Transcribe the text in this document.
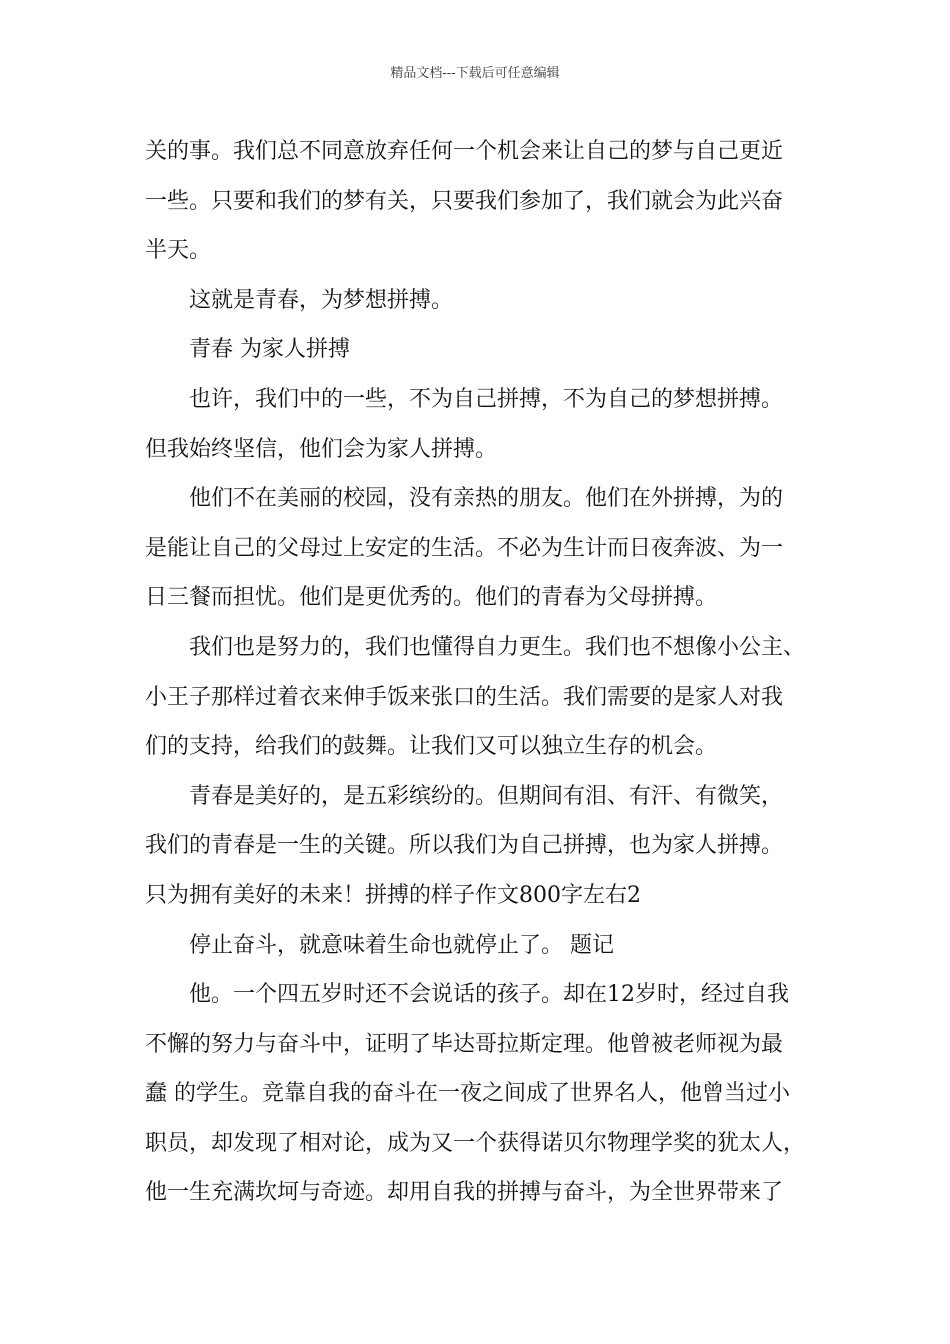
精品文档---下载后可任意编辑
关的事。我们总不同意放弃任何一个机会来让自己的梦与自己更近
一些。只要和我们的梦有关，只要我们参加了，我们就会为此兴奋
半天。
这就是青春，为梦想拼搏。
青春 为家人拼搏
也许，我们中的一些，不为自己拼搏，不为自己的梦想拼搏。
但我始终坚信，他们会为家人拼搏。
他们不在美丽的校园，没有亲热的朋友。他们在外拼搏，为的
是能让自己的父母过上安定的生活。不必为生计而日夜奔波、为一
日三餐而担忧。他们是更优秀的。他们的青春为父母拼搏。
我们也是努力的，我们也懂得自力更生。我们也不想像小公主、
小王子那样过着衣来伸手饭来张口的生活。我们需要的是家人对我
们的支持，给我们的鼓舞。让我们又可以独立生存的机会。
青春是美好的，是五彩缤纷的。但期间有泪、有汗、有微笑，
我们的青春是一生的关键。所以我们为自己拼搏，也为家人拼搏。
只为拥有美好的未来！拼搏的样子作文800字左右2
停止奋斗，就意味着生命也就停止了。 题记
他。一个四五岁时还不会说话的孩子。却在12岁时，经过自我
不懈的努力与奋斗中，证明了毕达哥拉斯定理。他曾被老师视为最
蠢 的学生。竞靠自我的奋斗在一夜之间成了世界名人，他曾当过小
职员，却发现了相对论，成为又一个获得诺贝尔物理学奖的犹太人，
他一生充满坎坷与奇迹。却用自我的拼搏与奋斗，为全世界带来了
